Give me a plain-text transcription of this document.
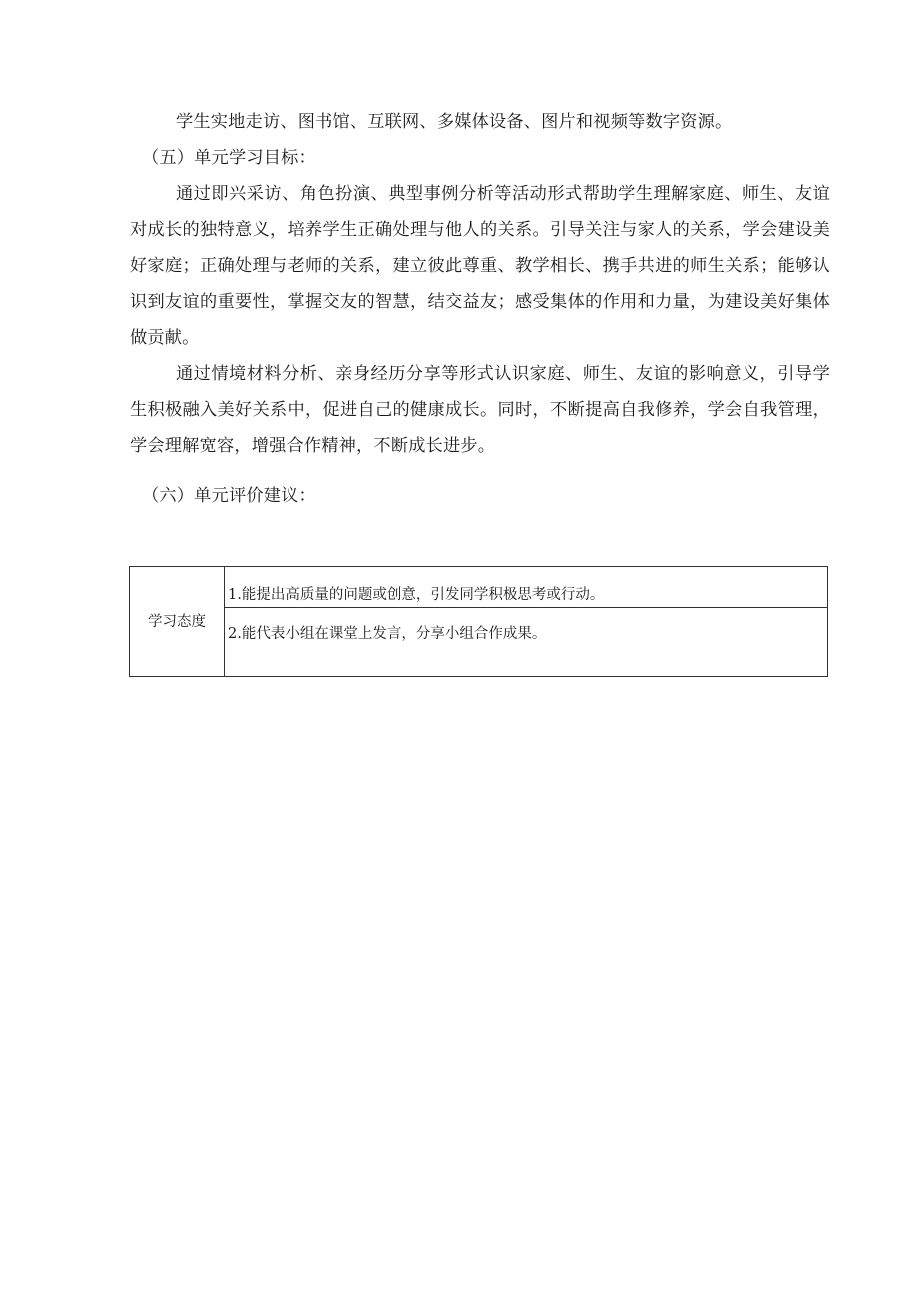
学生实地走访、图书馆、互联网、多媒体设备、图片和视频等数字资源。

（五）单元学习目标：

通过即兴采访、角色扮演、典型事例分析等活动形式帮助学生理解家庭、师生、友谊对成长的独特意义，培养学生正确处理与他人的关系。引导关注与家人的关系，学会建设美好家庭；正确处理与老师的关系，建立彼此尊重、教学相长、携手共进的师生关系；能够认识到友谊的重要性，掌握交友的智慧，结交益友；感受集体的作用和力量，为建设美好集体做贡献。

通过情境材料分析、亲身经历分享等形式认识家庭、师生、友谊的影响意义，引导学生积极融入美好关系中，促进自己的健康成长。同时，不断提高自我修养，学会自我管理，学会理解宽容，增强合作精神，不断成长进步。

（六）单元评价建议：

学习态度	1.能提出高质量的问题或创意，引发同学积极思考或行动。
2.能代表小组在课堂上发言，分享小组合作成果。
